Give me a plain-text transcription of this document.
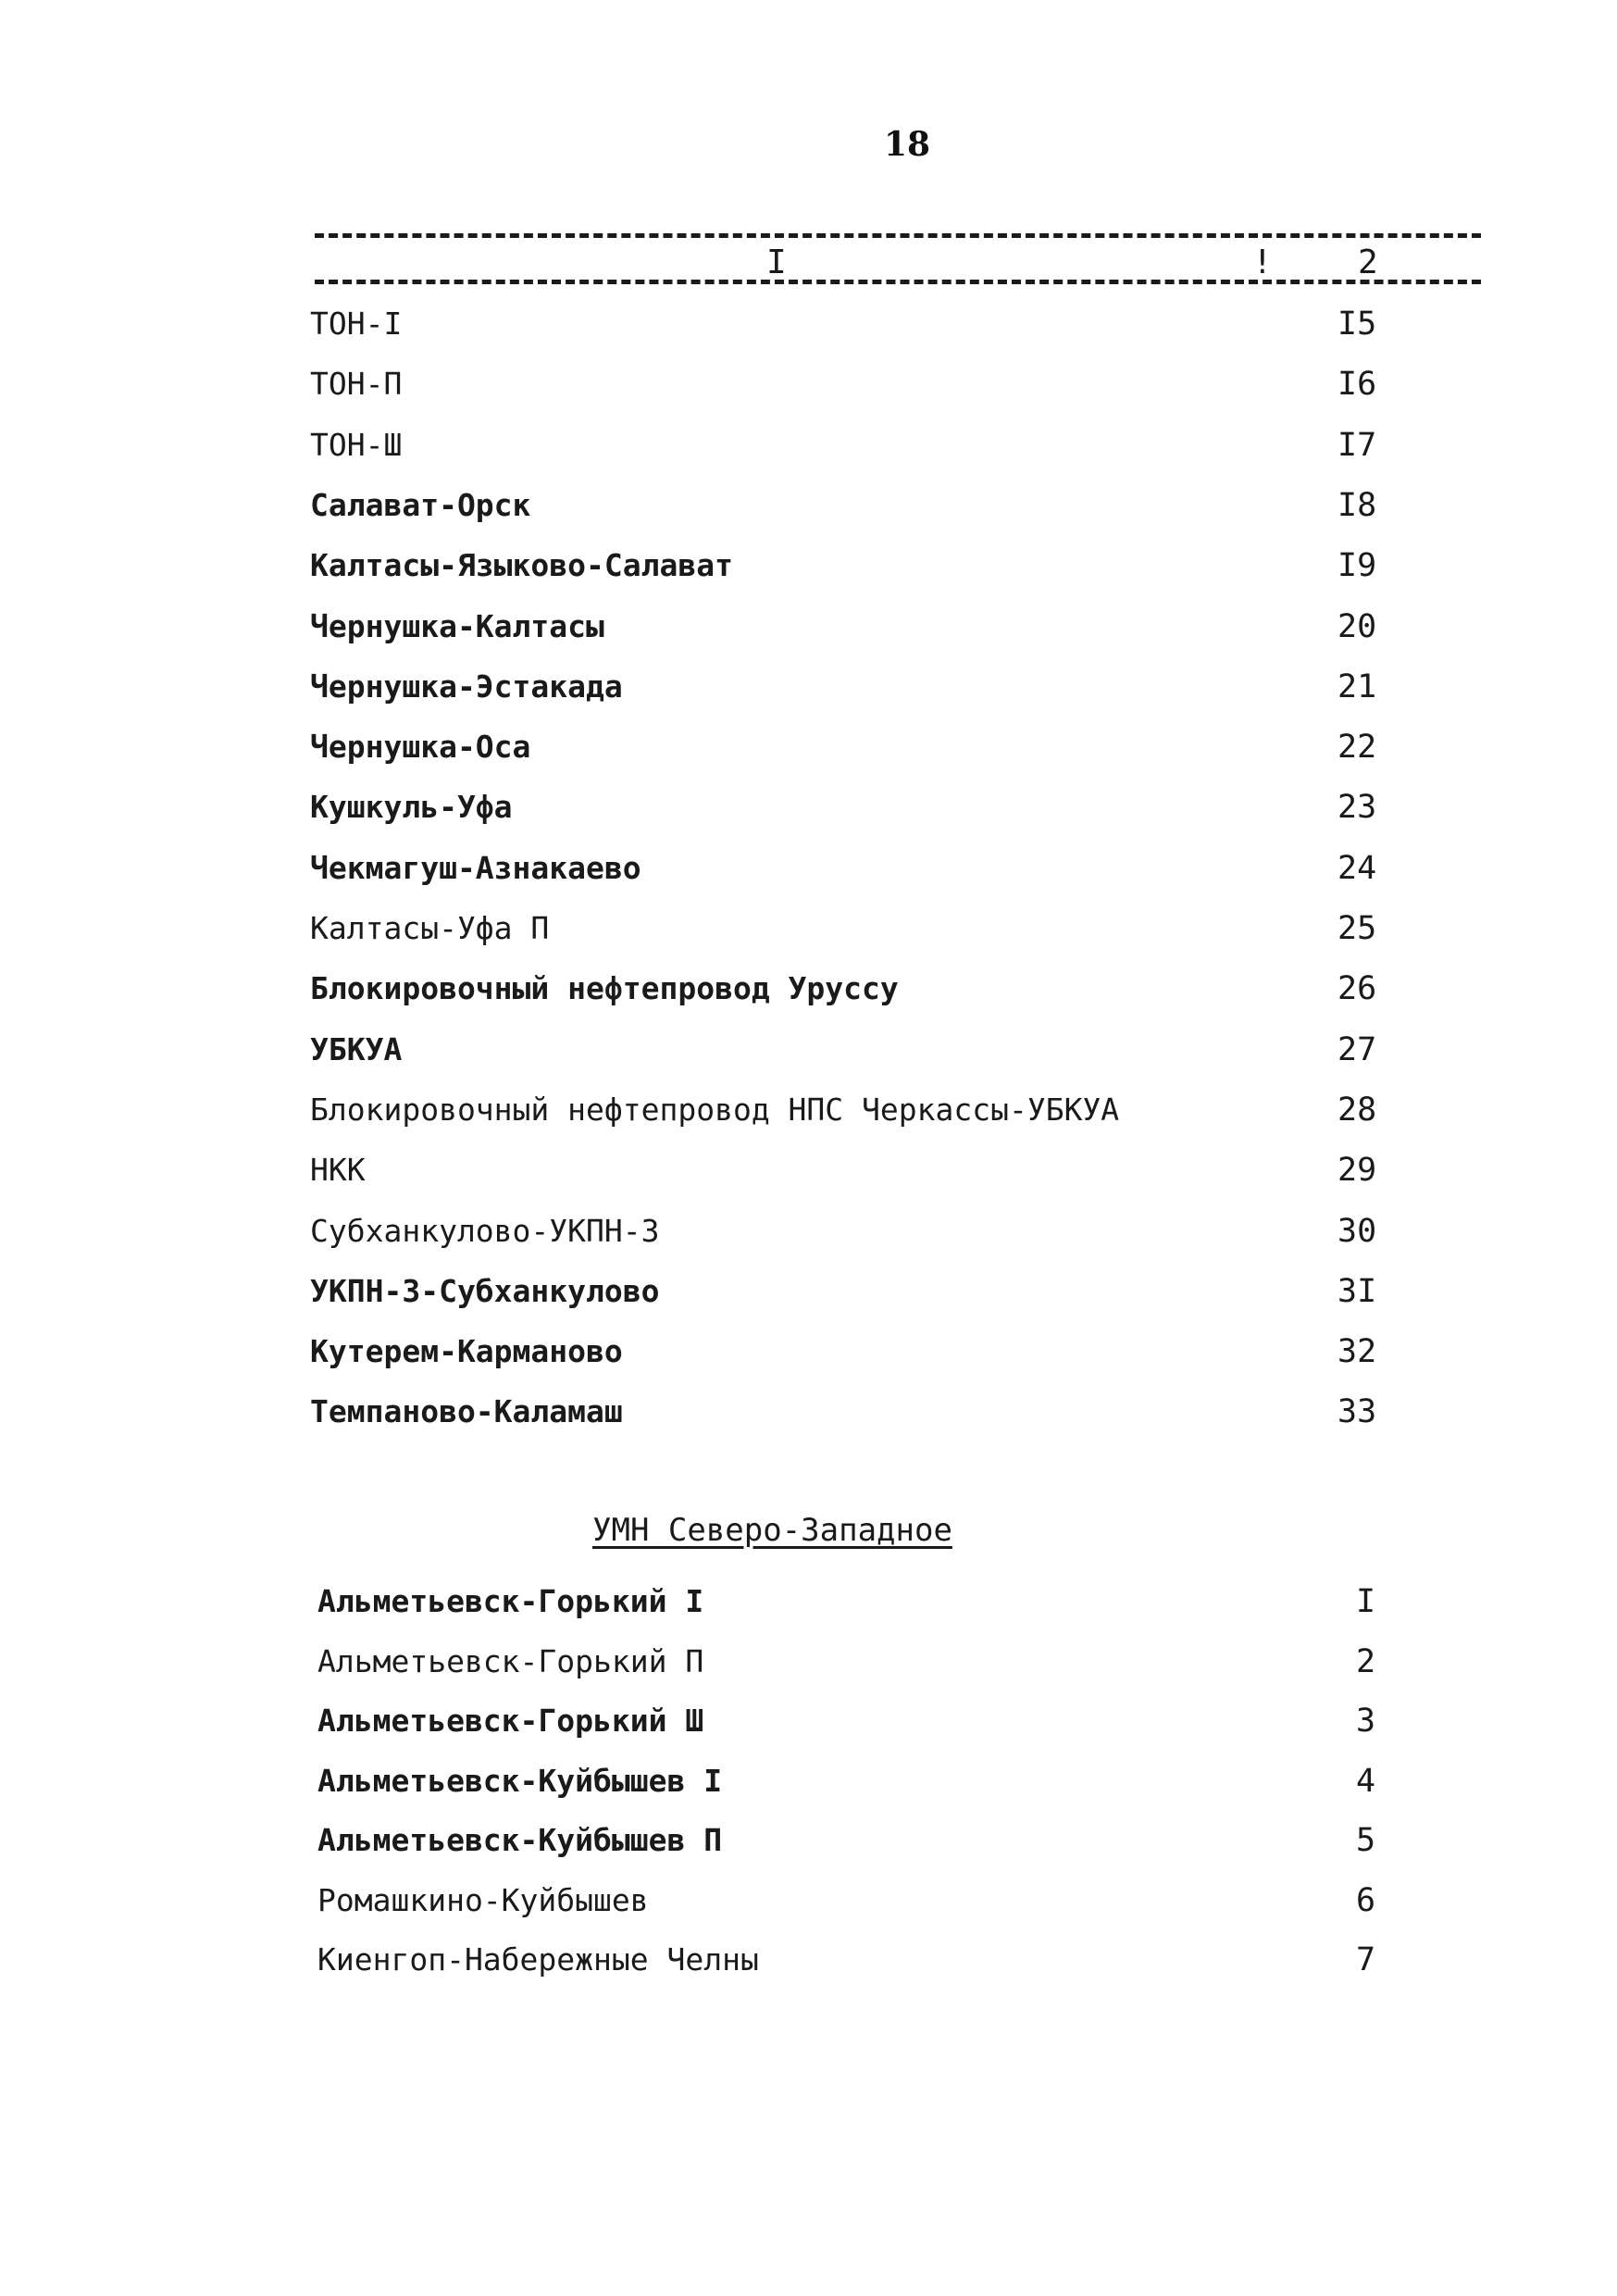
18
I	!	2
ТОН-I	I5
ТОН-П	I6
ТОН-Ш	I7
Салават-Орск	I8
Калтасы-Языково-Салават	I9
Чернушка-Калтасы	20
Чернушка-Эстакада	21
Чернушка-Оса	22
Кушкуль-Уфа	23
Чекмагуш-Азнакаево	24
Калтасы-Уфа П	25
Блокировочный нефтепровод Уруссу	26
УБКУА	27
Блокировочный нефтепровод НПС Черкассы-УБКУА	28
НКК	29
Субханкулово-УКПН-3	30
УКПН-3-Субханкулово	3I
Кутерем-Карманово	32
Темпаново-Каламаш	33
УМН Северо-Западное
Альметьевск-Горький I	I
Альметьевск-Горький П	2
Альметьевск-Горький Ш	3
Альметьевск-Куйбышев I	4
Альметьевск-Куйбышев П	5
Ромашкино-Куйбышев	6
Киенгоп-Набережные Челны	7
